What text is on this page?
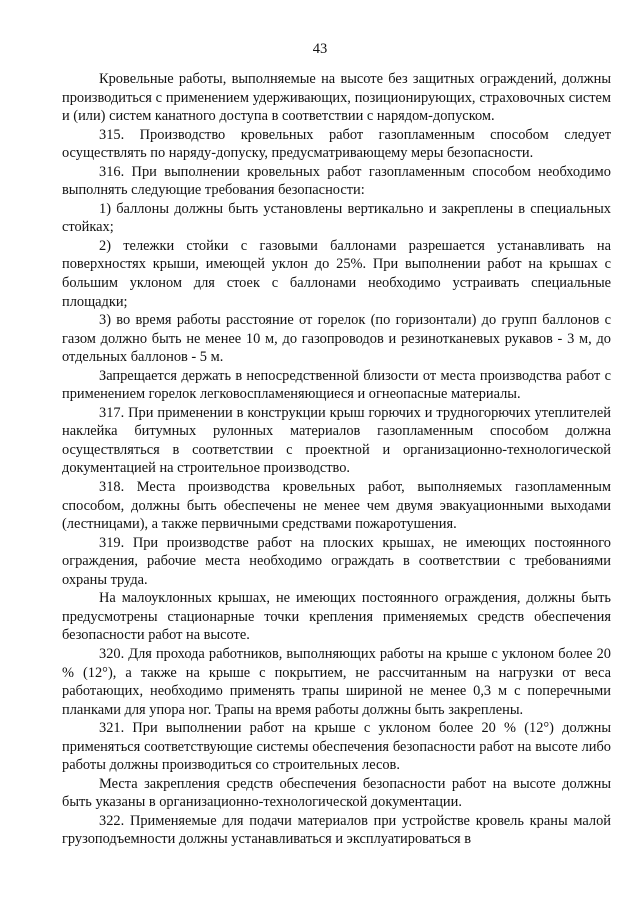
43

Кровельные работы, выполняемые на высоте без защитных ограждений, должны производиться с применением удерживающих, позиционирующих, страховочных систем и (или) систем канатного доступа в соответствии с нарядом-допуском.

315. Производство кровельных работ газопламенным способом следует осуществлять по наряду-допуску, предусматривающему меры безопасности.

316. При выполнении кровельных работ газопламенным способом необходимо выполнять следующие требования безопасности:

1) баллоны должны быть установлены вертикально и закреплены в специальных стойках;

2) тележки стойки с газовыми баллонами разрешается устанавливать на поверхностях крыши, имеющей уклон до 25%. При выполнении работ на крышах с большим уклоном для стоек с баллонами необходимо устраивать специальные площадки;

3) во время работы расстояние от горелок (по горизонтали) до групп баллонов с газом должно быть не менее 10 м, до газопроводов и резинотканевых рукавов - 3 м, до отдельных баллонов - 5 м.

Запрещается держать в непосредственной близости от места производства работ с применением горелок легковоспламеняющиеся и огнеопасные материалы.

317. При применении в конструкции крыш горючих и трудногорючих утеплителей наклейка битумных рулонных материалов газопламенным способом должна осуществляться в соответствии с проектной и организационно-технологической документацией на строительное производство.

318. Места производства кровельных работ, выполняемых газопламенным способом, должны быть обеспечены не менее чем двумя эвакуационными выходами (лестницами), а также первичными средствами пожаротушения.

319. При производстве работ на плоских крышах, не имеющих постоянного ограждения, рабочие места необходимо ограждать в соответствии с требованиями охраны труда.

На малоуклонных крышах, не имеющих постоянного ограждения, должны быть предусмотрены стационарные точки крепления применяемых средств обеспечения безопасности работ на высоте.

320. Для прохода работников, выполняющих работы на крыше с уклоном более 20 % (12°), а также на крыше с покрытием, не рассчитанным на нагрузки от веса работающих, необходимо применять трапы шириной не менее 0,3 м с поперечными планками для упора ног. Трапы на время работы должны быть закреплены.

321. При выполнении работ на крыше с уклоном более 20 % (12°) должны применяться соответствующие системы обеспечения безопасности работ на высоте либо работы должны производиться со строительных лесов.

Места закрепления средств обеспечения безопасности работ на высоте должны быть указаны в организационно-технологической документации.

322. Применяемые для подачи материалов при устройстве кровель краны малой грузоподъемности должны устанавливаться и эксплуатироваться в
